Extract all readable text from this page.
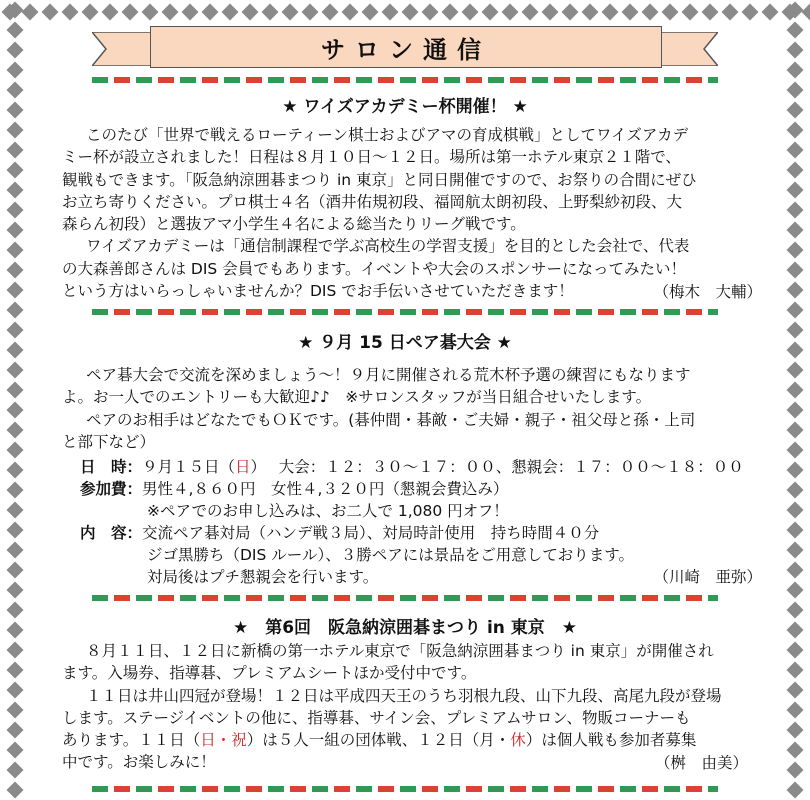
サロン通信
★ ワイズアカデミー杯開催！ ★
このたび「世界で戦えるローティーン棋士およびアマの育成棋戦」としてワイズアカデ
ミー杯が設立されました！日程は８月１０日〜１２日。場所は第一ホテル東京２１階で、
観戦もできます。「阪急納涼囲碁まつり in 東京」と同日開催ですので、お祭りの合間にぜひ
お立ち寄りください。プロ棋士４名（酒井佑規初段、福岡航太朗初段、上野梨紗初段、大
森らん初段）と選抜アマ小学生４名による総当たりリーグ戦です。
ワイズアカデミーは「通信制課程で学ぶ高校生の学習支援」を目的とした会社で、代表
の大森善郎さんは DIS 会員でもあります。イベントや大会のスポンサーになってみたい！
という方はいらっしゃいませんか？DIS でお手伝いさせていただきます！	（梅木　大輔）
★ ９月 15 日ペア碁大会 ★
ペア碁大会で交流を深めましょう〜！９月に開催される荒木杯予選の練習にもなります
よ。お一人でのエントリーも大歓迎♪♪　※サロンスタッフが当日組合せいたします。
ペアのお相手はどなたでもＯＫです。(碁仲間・碁敵・ご夫婦・親子・祖父母と孫・上司
と部下など）
日　時：９月１５日（日）　 大会：１２：３０〜１７：００、懇親会：１７：００〜１８：００
参加費：男性４,８６０円　女性４,３２０円（懇親会費込み）
※ペアでのお申し込みは、お二人で 1,080 円オフ！
内　容：交流ペア碁対局（ハンデ戦３局）、対局時計使用　持ち時間４０分
ジゴ黒勝ち（DIS ルール）、３勝ペアには景品をご用意しております。
対局後はプチ懇親会を行います。	（川崎　亜弥）
★　第6回　阪急納涼囲碁まつり in 東京　★
８月１１日、１２日に新橋の第一ホテル東京で「阪急納涼囲碁まつり in 東京」が開催され
ます。入場券、指導碁、プレミアムシートほか受付中です。
１１日は井山四冠が登場！１２日は平成四天王のうち羽根九段、山下九段、高尾九段が登場
します。ステージイベントの他に、指導碁、サイン会、プレミアムサロン、物販コーナーも
あります。１１日（日・祝）は５人一組の団体戦、１２日（月・休）は個人戦も参加者募集
中です。お楽しみに！	（桝　由美）
